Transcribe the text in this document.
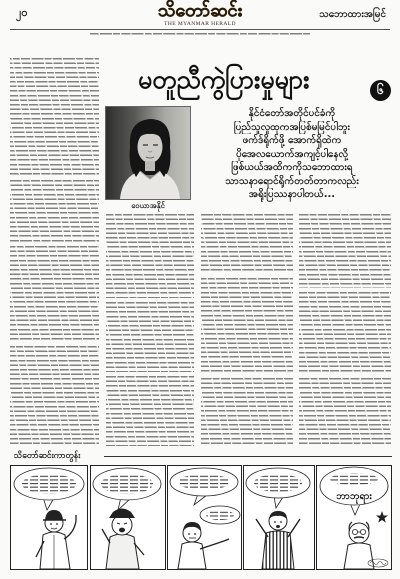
၂၀	သိတော်ဆင်း
THE MYANMAR HERALD
သဘောထားအမြင်
မတူညီကွဲပြားမှုများ	၆
ဝေယာအနိုင်
နိုင်ငံတော်အတိုင်ပင်ခံကို
ပြည်သူလူထုကအပြစ်မမြင်ပါဘူး
ဖက်ဒ်ရိုက်ဖို့ အောက်ရှိထဲက
ပိုအေလယောက်အကျင့်ပါနေလို့
ဖြစ်ယယ်အထိကကိုသဘောထားရ
သာသနာရောင်ရိုက်တတ်တာကလည်း
အရိုးပြဿနာပါတယ်...
သိတော်ဆင်းကာတွန်း
ဘာဘုရား
